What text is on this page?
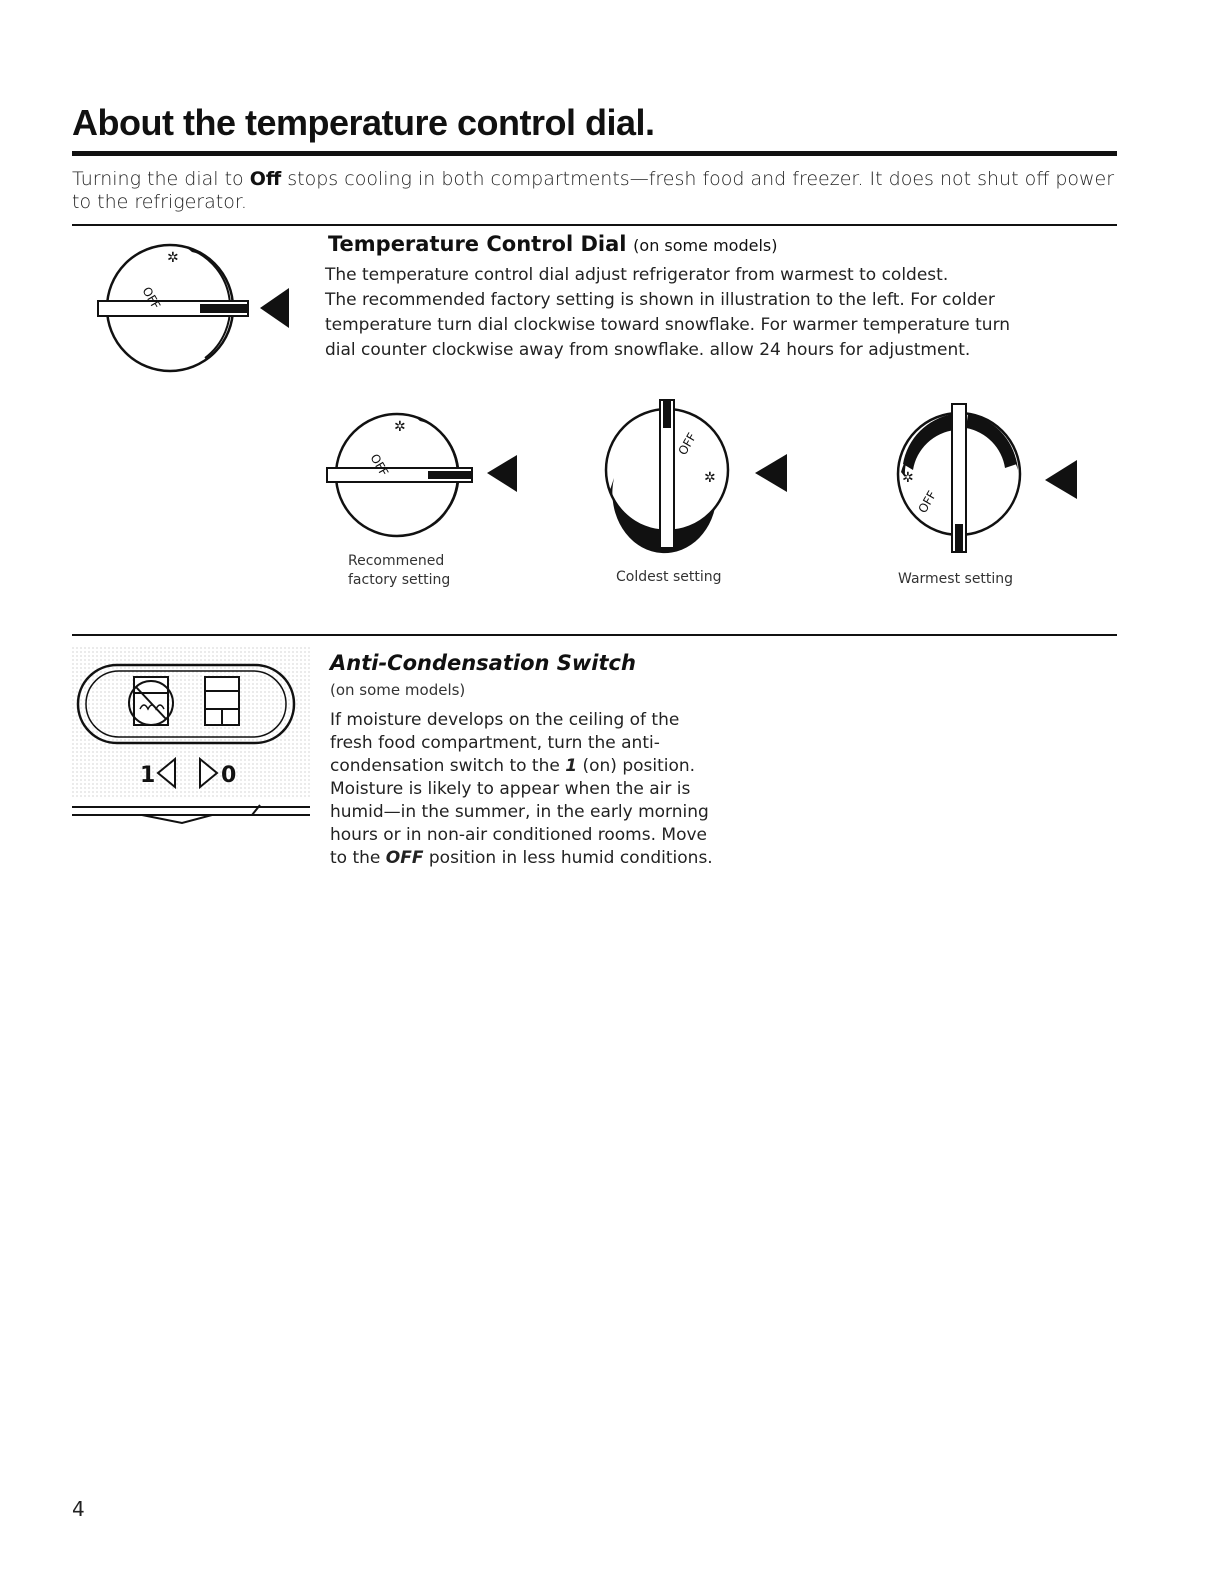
About the temperature control dial.
Turning the dial to Off stops cooling in both compartments—fresh food and freezer. It does not shut off power to the refrigerator.
OFF
✲
Temperature Control Dial (on some models)
The temperature control dial adjust refrigerator from warmest to coldest.
The recommended factory setting is shown in illustration to the left. For colder
temperature turn dial clockwise toward snowflake. For warmer temperature turn
dial counter clockwise away from snowflake. allow 24 hours for adjustment.
OFF
✲
Recommened
factory setting
OFF
✲
Coldest setting
✲
OFF
Warmest setting
1	0
Anti-Condensation Switch
(on some models)
If moisture develops on the ceiling of the
fresh food compartment, turn the anti-
condensation switch to the 1 (on) position.
Moisture is likely to appear when the air is
humid—in the summer, in the early morning
hours or in non-air conditioned rooms. Move
to the OFF position in less humid conditions.
4
